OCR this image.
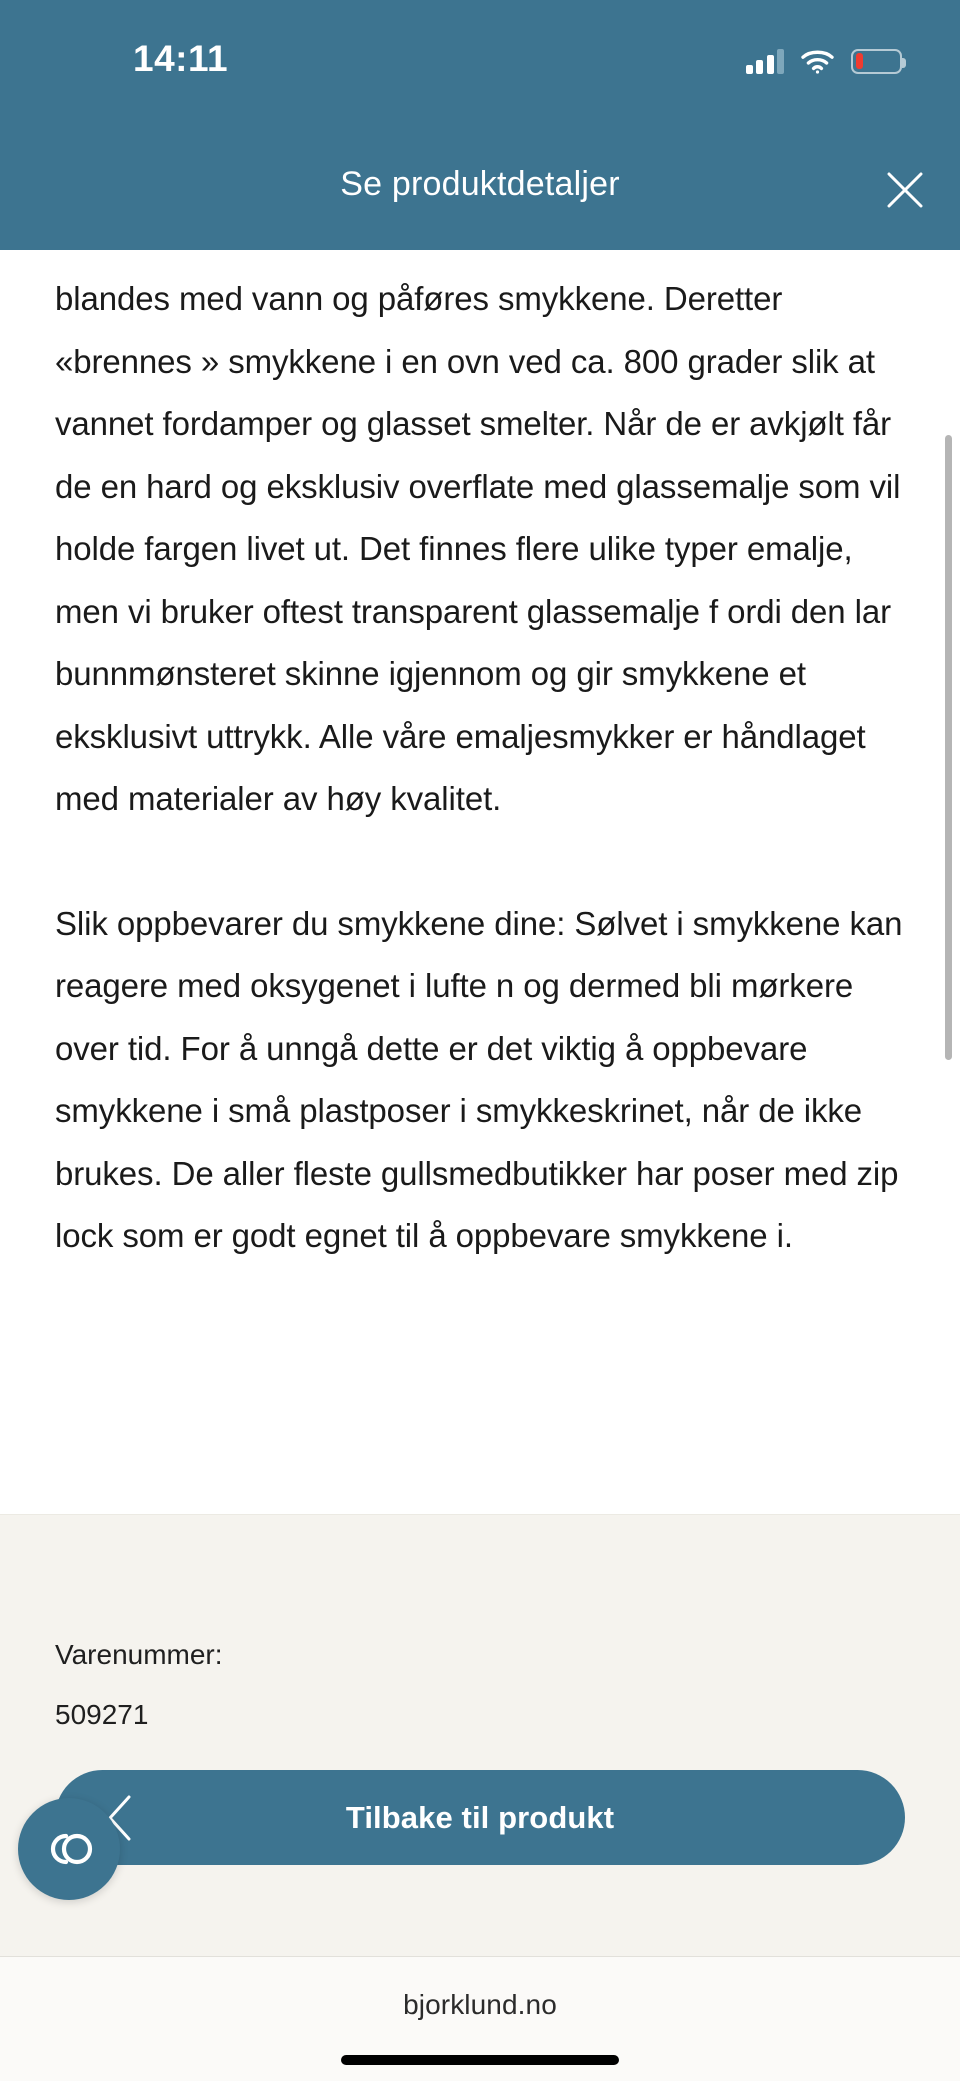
14:11
Se produktdetaljer

blandes med vann og påføres smykkene. Deretter «brennes » smykkene i en ovn ved ca. 800 grader slik at vannet fordamper og glasset smelter. Når de er avkjølt får de en hard og eksklusiv overflate med glassemalje som vil holde fargen livet ut. Det finnes flere ulike typer emalje, men vi bruker oftest transparent glassemalje f ordi den lar bunnmønsteret skinne igjennom og gir smykkene et eksklusivt uttrykk. Alle våre emaljesmykker er håndlaget med materialer av høy kvalitet.

Slik oppbevarer du smykkene dine: Sølvet i smykkene kan reagere med oksygenet i lufte n og dermed bli mørkere over tid. For å unngå dette er det viktig å oppbevare smykkene i små plastposer i smykkeskrinet, når de ikke brukes. De aller fleste gullsmedbutikker har poser med zip lock som er godt egnet til å oppbevare smykkene i.

Varenummer:
509271
Tilbake til produkt
bjorklund.no
